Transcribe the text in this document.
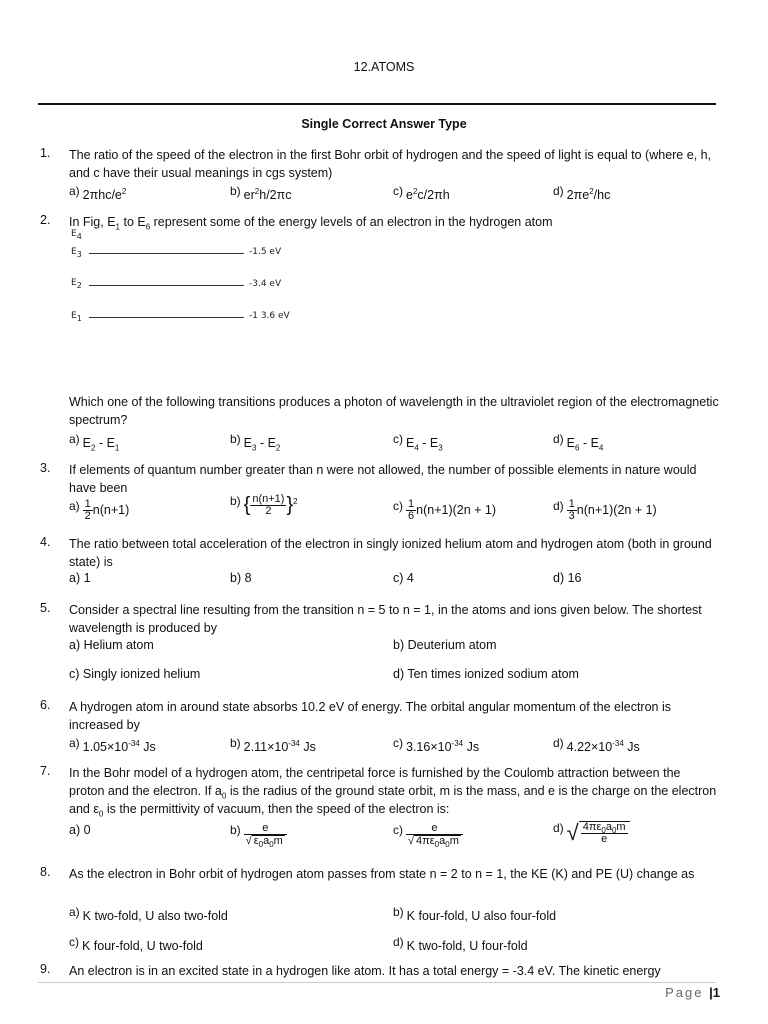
12.ATOMS
Single Correct Answer Type
1.	The ratio of the speed of the electron in the first Bohr orbit of hydrogen and the speed of light is equal to (where e, h, and c have their usual meanings in cgs system)
a) $2\pi hc/e^2$	b) $er^2h/2\pi c$	c) $e^2c/2\pi h$	d) $2\pi e^2/hc$
2.	In Fig, $E_1$ to $E_6$ represent some of the energy levels of an electron in the hydrogen atom
$E_4$
$E_3$	-1.5 eV
$E_2$	-3.4 eV
$E_1$	-1 3.6 eV
Which one of the following transitions produces a photon of wavelength in the ultraviolet region of the electromagnetic spectrum?
a) $E_2 - E_1$
b) $E_3 - E_2$
c) $E_4 - E_3$
d) $E_6 - E_4$
3.	If elements of quantum number greater than n were not allowed, the number of possible elements in nature would have been
$a) \frac{1}{2} n(n+1)$
b) { $\frac{n(n+1)}{2} \}^2$	$c) \frac{1}{6} n(n+1)(2n + 1)$	$d) \frac{1}{3} n(n+1)(2n + 1)$
4.	The ratio between total acceleration of the electron in singly ionized helium atom and hydrogen atom (both in ground state) is
a) 1	b) 8	c) 4	d) 16
5.	Consider a spectral line resulting from the transition n = 5 to n = 1, in the atoms and ions given below. The shortest wavelength is produced by
a) Helium atom	b) Deuterium atom
c) Singly ionized helium	d) Ten times ionized sodium atom
6.	A hydrogen atom in around state absorbs 10.2 eV of energy. The orbital angular momentum of the electron is increased by
a) $1.05\times 10^{-34}$ Js	b) $2.11\times 10^{-34}$ Js	c) $3.16\times 10^{-34}$ Js	d) $4.22\times 10^{-34}$ Js
7.	In the Bohr model of a hydrogen atom, the centripetal force is furnished by the Coulomb attraction between the proton and the electron. If $a_0$ is the radius of the ground state orbit, m is the mass, and e is the charge on the electron and $\varepsilon_0$ is the permittivity of vacuum, then the speed of the electron is:
a) 0	$b) \frac{e}{√ \varepsilon_0a_0m}$	$c) \frac{e}{√ 4\pi\varepsilon_0a_0m}$	d) √ $\frac{4\pi\varepsilon_0a_0m}{e}$
8.	As the electron in Bohr orbit of hydrogen atom passes from state n = 2 to n = 1, the KE (K) and PE (U) change as
a) K two-fold, U also two-fold	b) K four-fold, U also four-fold
c) K four-fold, U two-fold	d) K two-fold, U four-fold
9.	An electron is in an excited state in a hydrogen like atom. It has a total energy = -3.4 eV. The kinetic energy
Page |1
